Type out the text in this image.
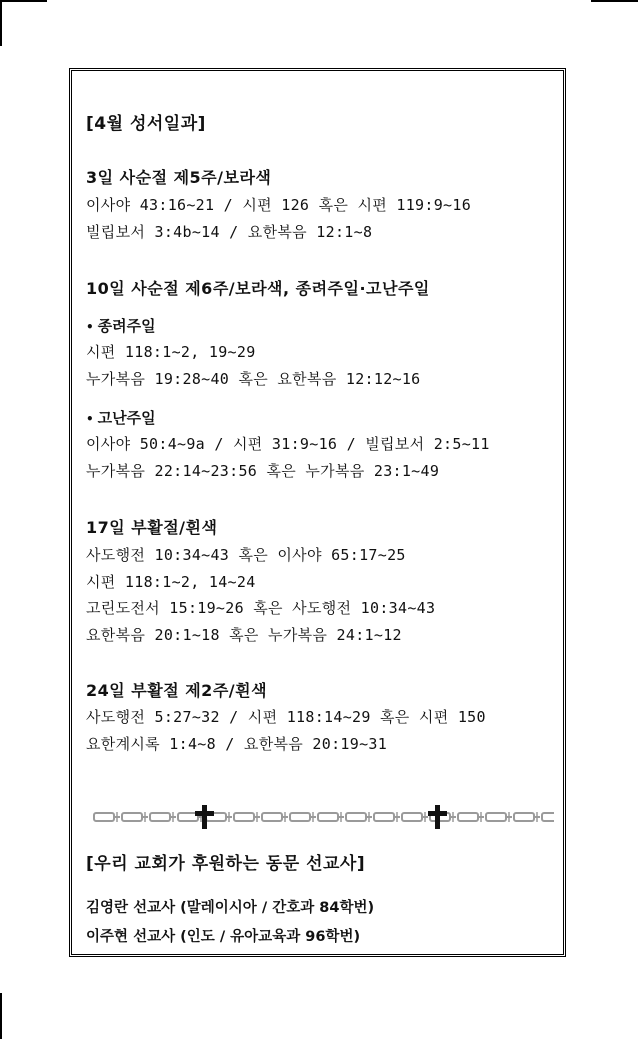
[4월 성서일과]
3일 사순절 제5주/보라색
이사야 43:16~21 / 시편 126 혹은 시편 119:9~16
빌립보서 3:4b~14 / 요한복음 12:1~8
10일 사순절 제6주/보라색, 종려주일·고난주일
• 종려주일
시편 118:1~2, 19~29
누가복음 19:28~40 혹은 요한복음 12:12~16
• 고난주일
이사야 50:4~9a / 시편 31:9~16 / 빌립보서 2:5~11
누가복음 22:14~23:56 혹은 누가복음 23:1~49
17일 부활절/흰색
사도행전 10:34~43 혹은 이사야 65:17~25
시편 118:1~2, 14~24
고린도전서 15:19~26 혹은 사도행전 10:34~43
요한복음 20:1~18 혹은 누가복음 24:1~12
24일 부활절 제2주/흰색
사도행전 5:27~32 / 시편 118:14~29 혹은 시편 150
요한계시록 1:4~8 / 요한복음 20:19~31
[우리 교회가 후원하는 동문 선교사]
김영란 선교사 (말레이시아 / 간호과 84학번)
이주현 선교사 (인도 / 유아교육과 96학번)
